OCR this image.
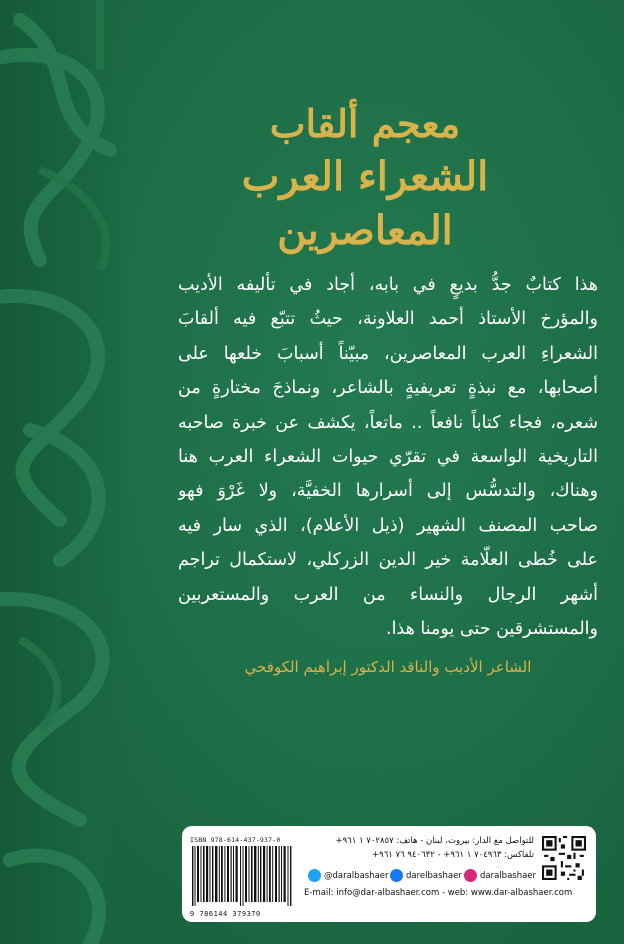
معجم ألقاب
الشعراء العرب المعاصرين
هذا كتابٌ جدُّ بديعٍ في بابه، أجاد في تأليفه الأديب
والمؤرخ الأستاذ أحمد العلاونة، حيثُ تتبّع فيه ألقابَ
الشعراءِ العرب المعاصرين، مبيّناً أسبابَ خلعها على
أصحابها، مع نبذةٍ تعريفيةٍ بالشاعر، ونماذجَ مختارةٍ من
شعره، فجاء كتاباً نافعاً .. ماتعاً، يكشف عن خبرة صاحبه
التاريخية الواسعة في تقرّي حيوات الشعراء العرب هنا
وهناك، والتدسُّس إلى أسرارها الخفيَّة، ولا غَرْوَ فهو
صاحب المصنف الشهير (ذيل الأعلام)، الذي سار فيه
على خُطى العلّامة خير الدين الزركلي، لاستكمال تراجم
أشهر الرجال والنساء من العرب والمستعربين
والمستشرقين حتى يومنا هذا.
الشاعر الأديب والناقد الدكتور إبراهيم الكوفحي
ISBN 978-614-437-937-0
9 786144 379370
للتواصل مع الدار: بيروت، لبنان - هاتف: ٧٠٢٨٥٧ ١ ٩٦١+
تلفاكس: ٧٠٤٩٦٣ ١ ٩٦١+ - ٩٤٠٦٣٢ ٧٦ ٩٦١+
@daralbashaer	darelbashaer	daralbashaer
E-mail: info@dar-albashaer.com - web: www.dar-albashaer.com
